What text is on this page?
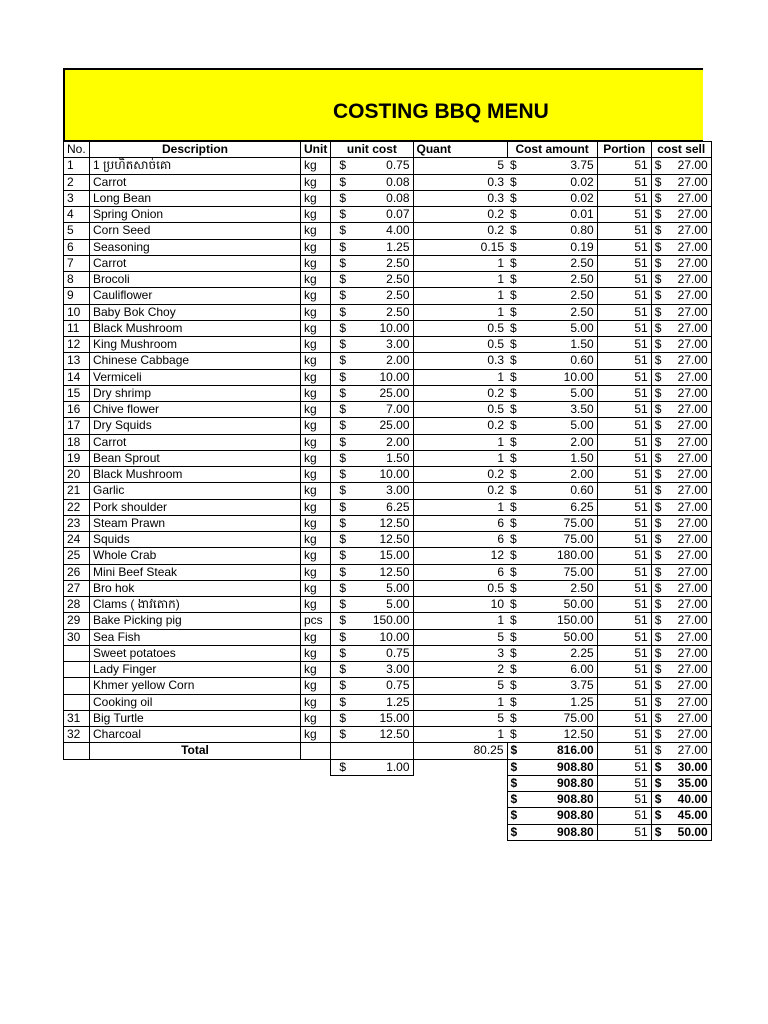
COSTING BBQ MENU
No.	Description	Unit	unit cost		Quant	Cost amount		Portion	cost sell	
1	1 ប្រហិតសាច់គោ	kg	$	0.75	5	$	3.75	51	$	27.00
2	Carrot	kg	$	0.08	0.3	$	0.02	51	$	27.00
3	Long Bean	kg	$	0.08	0.3	$	0.02	51	$	27.00
4	Spring Onion	kg	$	0.07	0.2	$	0.01	51	$	27.00
5	Corn Seed	kg	$	4.00	0.2	$	0.80	51	$	27.00
6	Seasoning	kg	$	1.25	0.15	$	0.19	51	$	27.00
7	Carrot	kg	$	2.50	1	$	2.50	51	$	27.00
8	Brocoli	kg	$	2.50	1	$	2.50	51	$	27.00
9	Cauliflower	kg	$	2.50	1	$	2.50	51	$	27.00
10	Baby Bok Choy	kg	$	2.50	1	$	2.50	51	$	27.00
11	Black Mushroom	kg	$	10.00	0.5	$	5.00	51	$	27.00
12	King Mushroom	kg	$	3.00	0.5	$	1.50	51	$	27.00
13	Chinese Cabbage	kg	$	2.00	0.3	$	0.60	51	$	27.00
14	Vermiceli	kg	$	10.00	1	$	10.00	51	$	27.00
15	Dry shrimp	kg	$	25.00	0.2	$	5.00	51	$	27.00
16	Chive flower	kg	$	7.00	0.5	$	3.50	51	$	27.00
17	Dry Squids	kg	$	25.00	0.2	$	5.00	51	$	27.00
18	Carrot	kg	$	2.00	1	$	2.00	51	$	27.00
19	Bean Sprout	kg	$	1.50	1	$	1.50	51	$	27.00
20	Black Mushroom	kg	$	10.00	0.2	$	2.00	51	$	27.00
21	Garlic	kg	$	3.00	0.2	$	0.60	51	$	27.00
22	Pork shoulder	kg	$	6.25	1	$	6.25	51	$	27.00
23	Steam Prawn	kg	$	12.50	6	$	75.00	51	$	27.00
24	Squids	kg	$	12.50	6	$	75.00	51	$	27.00
25	Whole Crab	kg	$	15.00	12	$	180.00	51	$	27.00
26	Mini Beef Steak	kg	$	12.50	6	$	75.00	51	$	27.00
27	Bro hok	kg	$	5.00	0.5	$	2.50	51	$	27.00
28	Clams ( ងាវតោក)	kg	$	5.00	10	$	50.00	51	$	27.00
29	Bake Picking pig	pcs	$	150.00	1	$	150.00	51	$	27.00
30	Sea Fish	kg	$	10.00	5	$	50.00	51	$	27.00
	Sweet potatoes	kg	$	0.75	3	$	2.25	51	$	27.00
	Lady Finger	kg	$	3.00	2	$	6.00	51	$	27.00
	Khmer yellow Corn	kg	$	0.75	5	$	3.75	51	$	27.00
	Cooking oil	kg	$	1.25	1	$	1.25	51	$	27.00
31	Big Turtle	kg	$	15.00	5	$	75.00	51	$	27.00
32	Charcoal	kg	$	12.50	1	$	12.50	51	$	27.00
	Total				80.25	$	816.00	51	$	27.00
			$	1.00		$	908.80	51	$	30.00
						$	908.80	51	$	35.00
						$	908.80	51	$	40.00
						$	908.80	51	$	45.00
						$	908.80	51	$	50.00
